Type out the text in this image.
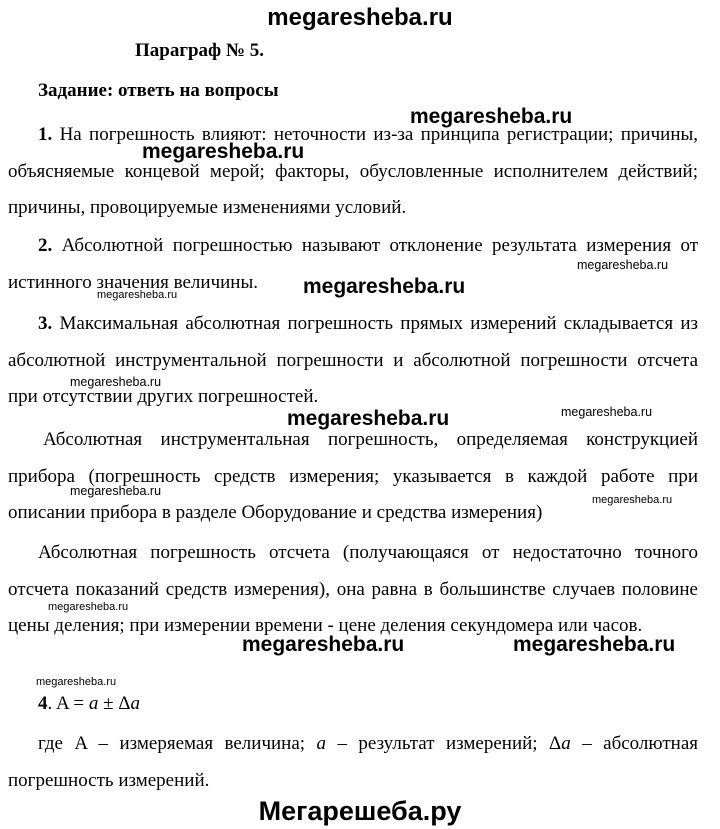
megaresheba.ru
Параграф № 5.
Задание: ответь на вопросы
1. На погрешность влияют: неточности из-за принципа регистрации; причины, объясняемые концевой мерой; факторы, обусловленные исполнителем действий; причины, провоцируемые изменениями условий.
2. Абсолютной погрешностью называют отклонение результата измерения от истинного значения величины.
3. Максимальная абсолютная погрешность прямых измерений складывается из абсолютной инструментальной погрешности и абсолютной погрешности отсчета при отсутствии других погрешностей.
Абсолютная инструментальная погрешность, определяемая конструкцией прибора (погрешность средств измерения; указывается в каждой работе при описании прибора в разделе Оборудование и средства измерения)
Абсолютная погрешность отсчета (получающаяся от недостаточно точного отсчета показаний средств измерения), она равна в большинстве случаев половине цены деления; при измерении времени - цене деления секундомера или часов.
4. A = a ± Δa
где A – измеряемая величина; a – результат измерений; Δa – абсолютная погрешность измерений.
megaresheba.ru
megaresheba.ru
megaresheba.ru
megaresheba.ru
megaresheba.ru
megaresheba.ru
megaresheba.ru	megaresheba.ru
megaresheba.ru
megaresheba.ru
megaresheba.ru
megaresheba.ru	megaresheba.ru
megaresheba.ru
Мегарешеба.ру
